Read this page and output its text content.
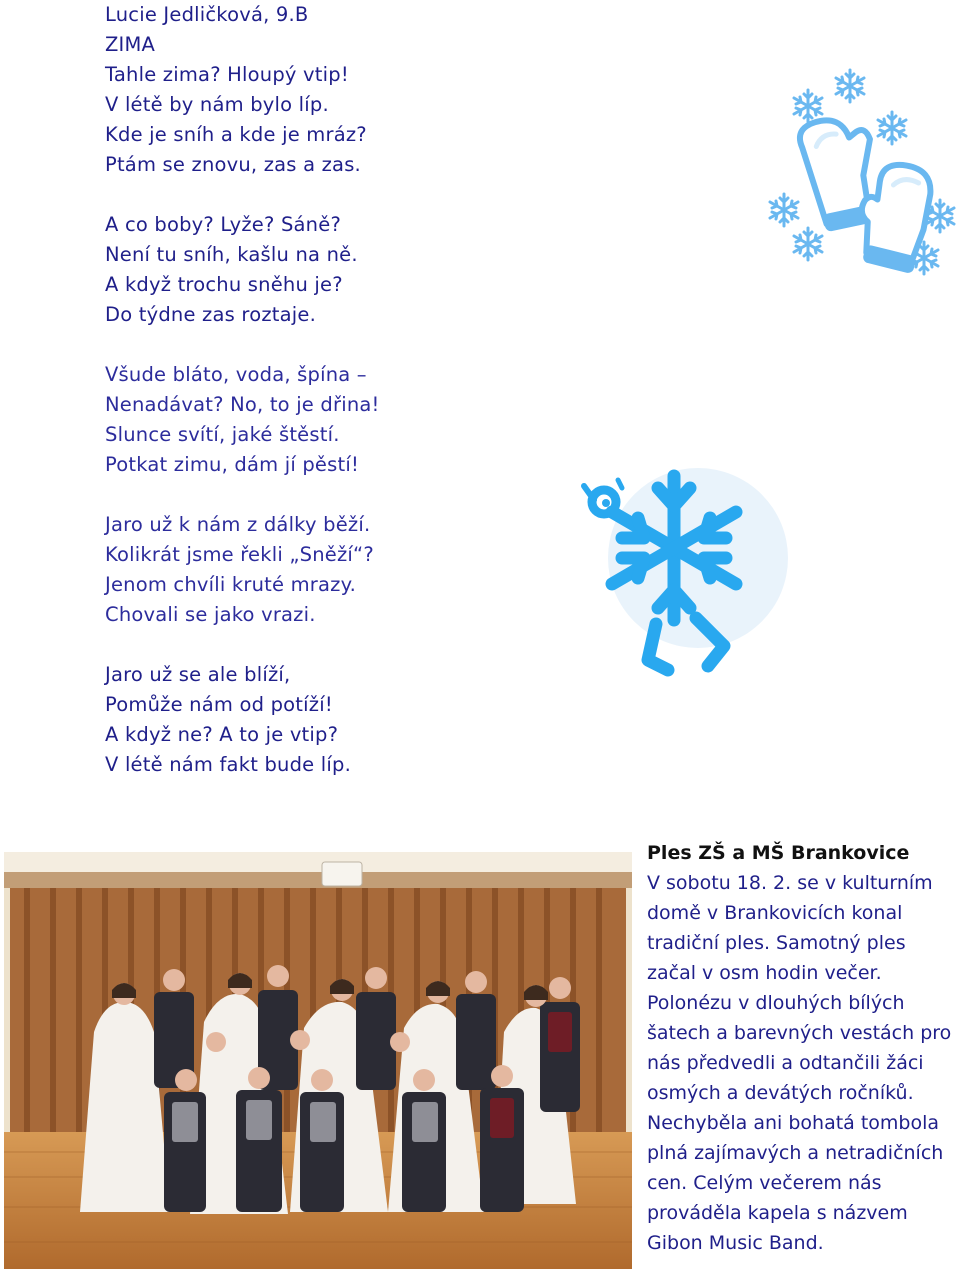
Lucie Jedličková, 9.B
ZIMA
Tahle zima? Hloupý vtip!
V létě by nám bylo líp.
Kde je sníh a kde je mráz?
Ptám se znovu, zas a zas.
A co boby? Lyže? Sáně?
Není tu sníh, kašlu na ně.
A když trochu sněhu je?
Do týdne zas roztaje.
Všude bláto, voda, špína –
Nenadávat? No, to je dřina!
Slunce svítí, jaké štěstí.
Potkat zimu, dám jí pěstí!
Jaro už k nám z dálky běží.
Kolikrát jsme řekli „Sněží“?
Jenom chvíli kruté mrazy.
Chovali se jako vrazi.
Jaro už se ale blíží,
Pomůže nám od potíží!
A když ne? A to je vtip?
V létě nám fakt bude líp.
Ples ZŠ a MŠ Brankovice
V sobotu 18. 2. se v kulturním
domě v Brankovicích konal
tradiční ples. Samotný ples
začal v osm hodin večer.
Polonézu v dlouhých bílých
šatech a barevných vestách pro
nás předvedli a odtančili žáci
osmých a devátých ročníků.
Nechyběla ani bohatá tombola
plná zajímavých a netradičních
cen. Celým večerem nás
prováděla kapela s názvem
Gibon Music Band.
